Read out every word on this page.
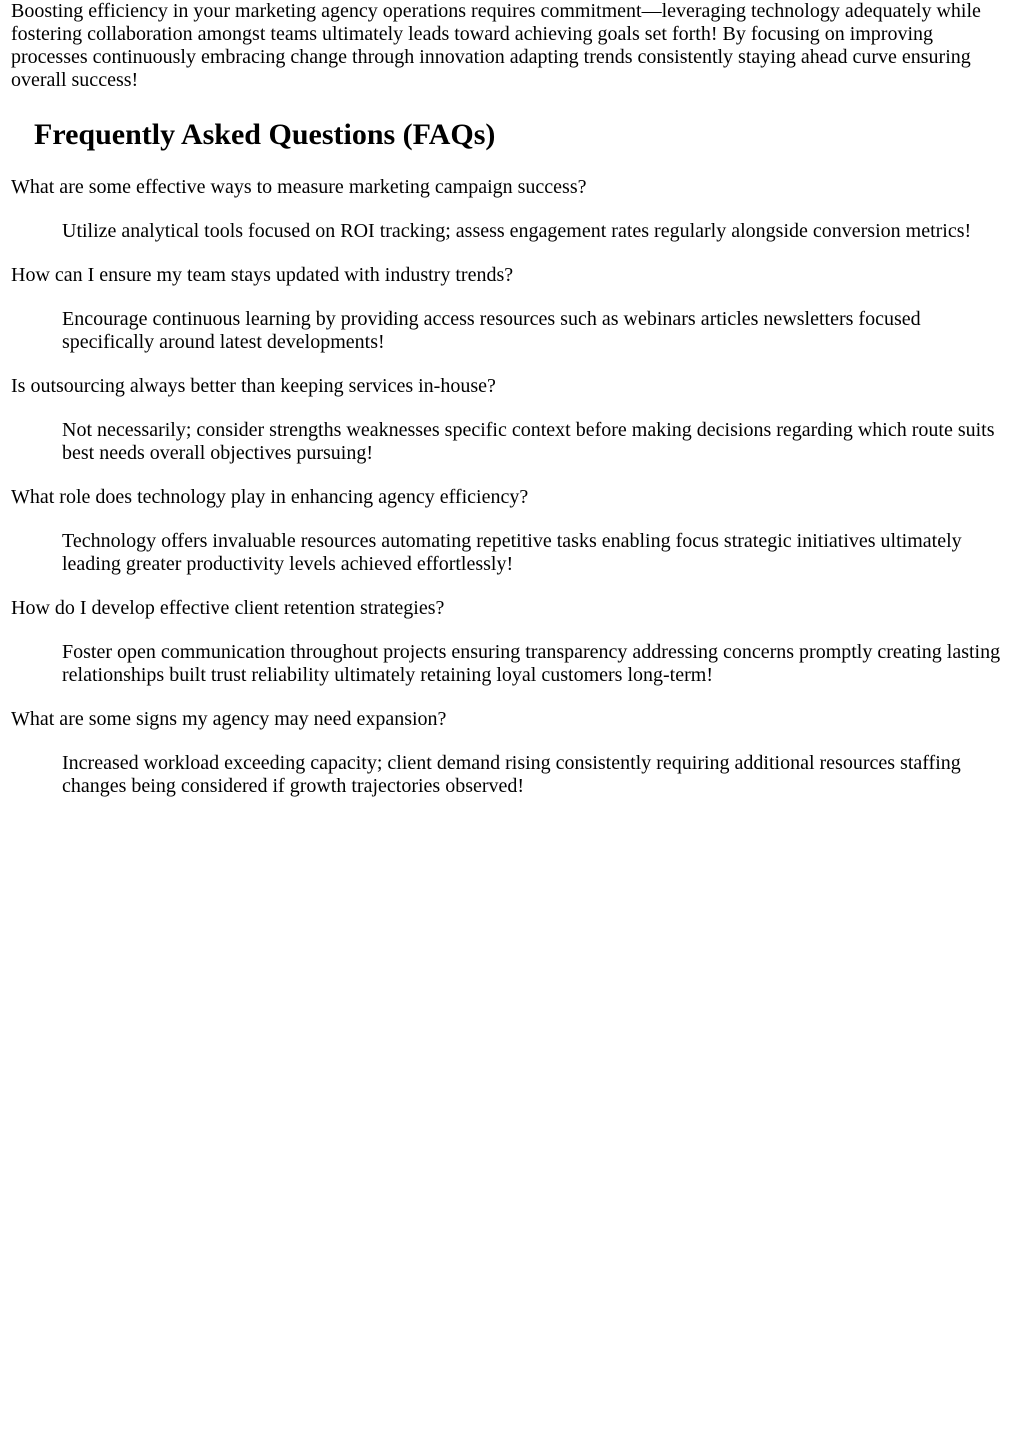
Boosting efficiency in your marketing agency operations requires commitment—leveraging technology adequately while fostering collaboration amongst teams ultimately leads toward achieving goals set forth! By focusing on improving processes continuously embracing change through innovation adapting trends consistently staying ahead curve ensuring overall success!

Frequently Asked Questions (FAQs)

What are some effective ways to measure marketing campaign success?

Utilize analytical tools focused on ROI tracking; assess engagement rates regularly alongside conversion metrics!

How can I ensure my team stays updated with industry trends?

Encourage continuous learning by providing access resources such as webinars articles newsletters focused specifically around latest developments!

Is outsourcing always better than keeping services in-house?

Not necessarily; consider strengths weaknesses specific context before making decisions regarding which route suits best needs overall objectives pursuing!

What role does technology play in enhancing agency efficiency?

Technology offers invaluable resources automating repetitive tasks enabling focus strategic initiatives ultimately leading greater productivity levels achieved effortlessly!

How do I develop effective client retention strategies?

Foster open communication throughout projects ensuring transparency addressing concerns promptly creating lasting relationships built trust reliability ultimately retaining loyal customers long-term!

What are some signs my agency may need expansion?

Increased workload exceeding capacity; client demand rising consistently requiring additional resources staffing changes being considered if growth trajectories observed!
